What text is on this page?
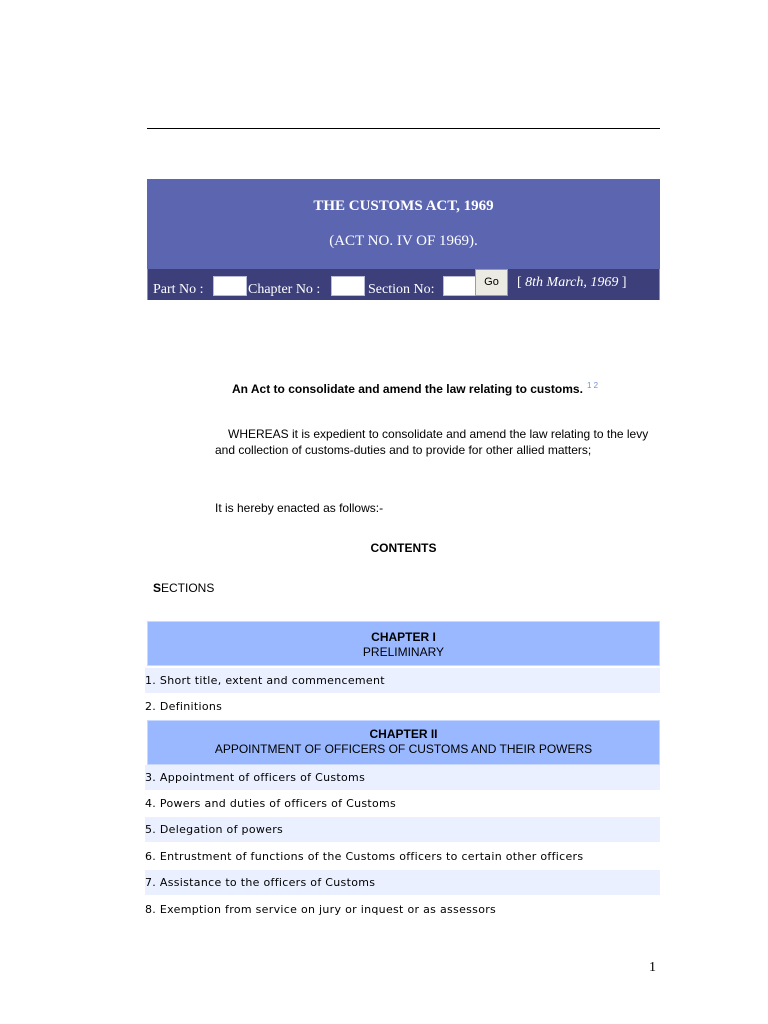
THE CUSTOMS ACT, 1969
(ACT NO. IV OF 1969).
Part No :	Chapter No :	Section No:	Go	[ 8th March, 1969 ]
An Act to consolidate and amend the law relating to customs. $^{1 2}$
WHEREAS it is expedient to consolidate and amend the law relating to the levy and collection of customs-duties and to provide for other allied matters;
It is hereby enacted as follows:-
CONTENTS
SECTIONS
CHAPTER I
PRELIMINARY
1. Short title, extent and commencement
2. Definitions
CHAPTER II
APPOINTMENT OF OFFICERS OF CUSTOMS AND THEIR POWERS
3. Appointment of officers of Customs
4. Powers and duties of officers of Customs
5. Delegation of powers
6. Entrustment of functions of the Customs officers to certain other officers
7. Assistance to the officers of Customs
8. Exemption from service on jury or inquest or as assessors
1
